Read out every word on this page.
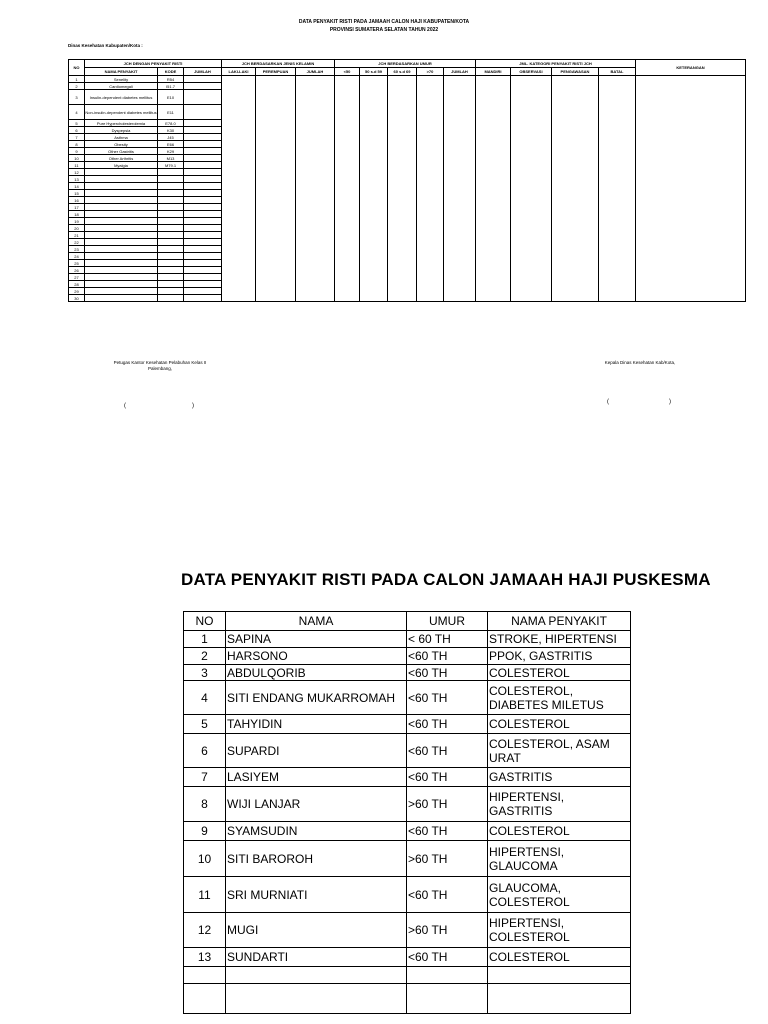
DATA PENYAKIT RISTI PADA JAMAAH CALON HAJI KABUPATEN/KOTA
PROVINSI SUMATERA SELATAN TAHUN 2022
Dinas Kesehatan Kabupaten/Kota :
NO	JCH DENGAN PENYAKIT RISTI			JCH BERDASARKAN JENIS KELAMIN			JCH BERDASARKAN UMUR					JML. KATEGORI PENYAKIT RISTI JCH				KETERANGAN
	NAMA PENYAKIT	KODE	JUMLAH	LAKI-LAKI	PEREMPUAN	JUMLAH	<50	50 s.d 59	60 s.d 69	>70	JUMLAH	MANDIRI	OBSERVASI	PENGAWASAN	BATAL	
1	Senelity	R54														
2	Cardiomegali	I51.7														
3	Insulin-dependent diabetes mellitus	E10														
4	Non-insulin-dependent diabetes mellitus	E11														
5	Pure Hypercholesterolemia	E78.0														
6	Dyspepsia	K30														
7	Asthma	J45														
8	Obesity	E66														
9	Other Gastritis	K29														
10	Other Arthritis	M13														
11	Myalgia	M79.1														
12																
13																
14																
15																
16																
17																
18																
19																
20																
21																
22																
23																
24																
25																
26																
27																
28																
29																
30																
Petugas Kantor Kesehatan Pelabuhan Kelas II
Palembang,
Kepala Dinas Kesehatan Kab/Kota,
(	)
(	)
DATA PENYAKIT RISTI PADA CALON JAMAAH HAJI PUSKESMA
NO	NAMA	UMUR	NAMA PENYAKIT
1	SAPINA	< 60 TH	STROKE, HIPERTENSI
2	HARSONO	<60 TH	PPOK, GASTRITIS
3	ABDULQORIB	<60 TH	COLESTEROL
4	SITI ENDANG MUKARROMAH	<60 TH	COLESTEROL, DIABETES MILETUS
5	TAHYIDIN	<60 TH	COLESTEROL
6	SUPARDI	<60 TH	COLESTEROL, ASAM URAT
7	LASIYEM	<60 TH	GASTRITIS
8	WIJI LANJAR	>60 TH	HIPERTENSI, GASTRITIS
9	SYAMSUDIN	<60 TH	COLESTEROL
10	SITI BAROROH	>60 TH	HIPERTENSI, GLAUCOMA
11	SRI MURNIATI	<60 TH	GLAUCOMA, COLESTEROL
12	MUGI	>60 TH	HIPERTENSI, COLESTEROL
13	SUNDARTI	<60 TH	COLESTEROL
